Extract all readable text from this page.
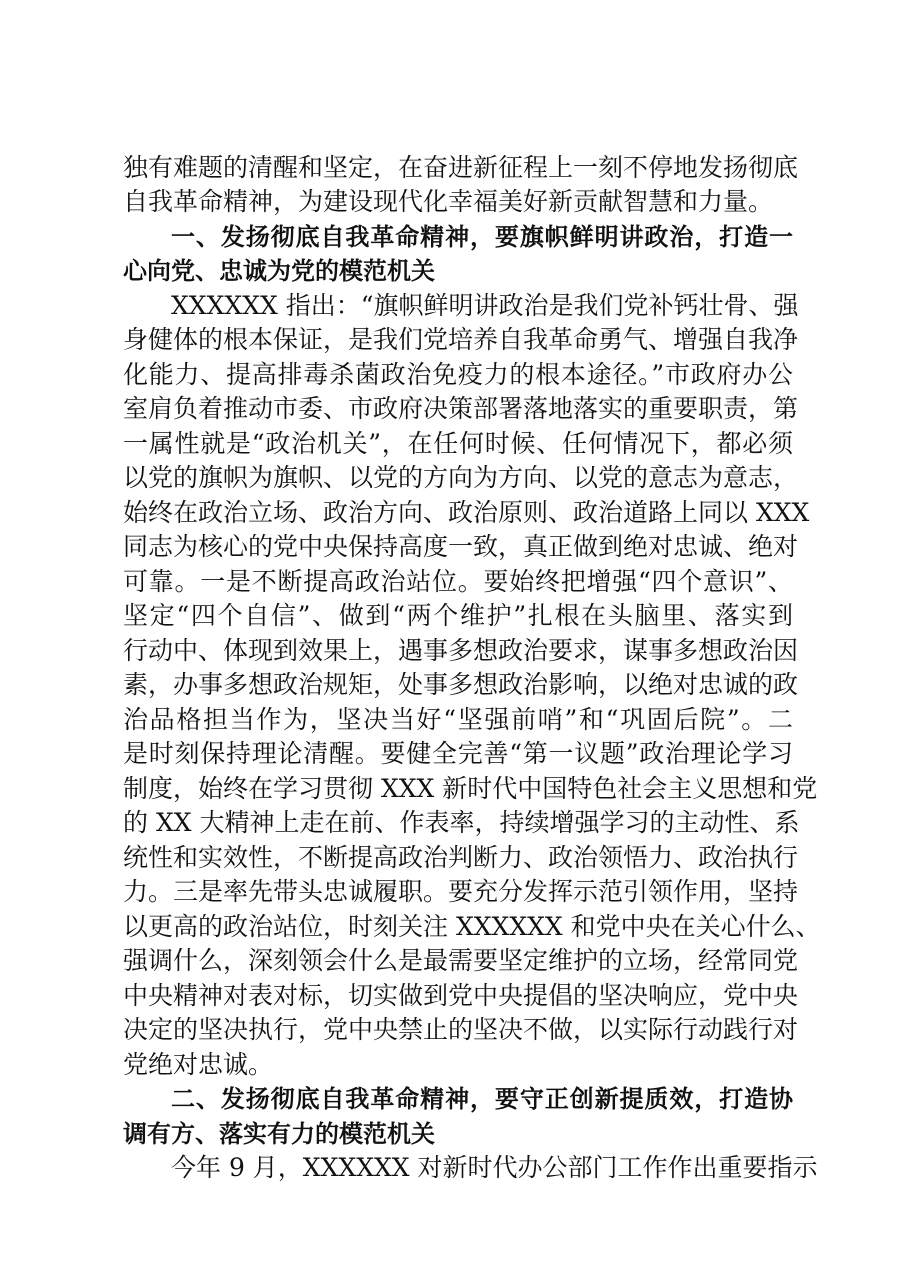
独有难题的清醒和坚定，在奋进新征程上一刻不停地发扬彻底
自我革命精神，为建设现代化幸福美好新贡献智慧和力量。
一、发扬彻底自我革命精神，要旗帜鲜明讲政治，打造一
心向党、忠诚为党的模范机关
XXXXXX 指出：“旗帜鲜明讲政治是我们党补钙壮骨、强
身健体的根本保证，是我们党培养自我革命勇气、增强自我净
化能力、提高排毒杀菌政治免疫力的根本途径。”市政府办公
室肩负着推动市委、市政府决策部署落地落实的重要职责，第
一属性就是“政治机关”，在任何时候、任何情况下，都必须
以党的旗帜为旗帜、以党的方向为方向、以党的意志为意志，
始终在政治立场、政治方向、政治原则、政治道路上同以 XXX
同志为核心的党中央保持高度一致，真正做到绝对忠诚、绝对
可靠。一是不断提高政治站位。要始终把增强“四个意识”、
坚定“四个自信”、做到“两个维护”扎根在头脑里、落实到
行动中、体现到效果上，遇事多想政治要求，谋事多想政治因
素，办事多想政治规矩，处事多想政治影响，以绝对忠诚的政
治品格担当作为，坚决当好“坚强前哨”和“巩固后院”。二
是时刻保持理论清醒。要健全完善“第一议题”政治理论学习
制度，始终在学习贯彻 XXX 新时代中国特色社会主义思想和党
的 XX 大精神上走在前、作表率，持续增强学习的主动性、系
统性和实效性，不断提高政治判断力、政治领悟力、政治执行
力。三是率先带头忠诚履职。要充分发挥示范引领作用，坚持
以更高的政治站位，时刻关注 XXXXXX 和党中央在关心什么、
强调什么，深刻领会什么是最需要坚定维护的立场，经常同党
中央精神对表对标，切实做到党中央提倡的坚决响应，党中央
决定的坚决执行，党中央禁止的坚决不做，以实际行动践行对
党绝对忠诚。
二、发扬彻底自我革命精神，要守正创新提质效，打造协
调有方、落实有力的模范机关
今年 9 月，XXXXXX 对新时代办公部门工作作出重要指示
